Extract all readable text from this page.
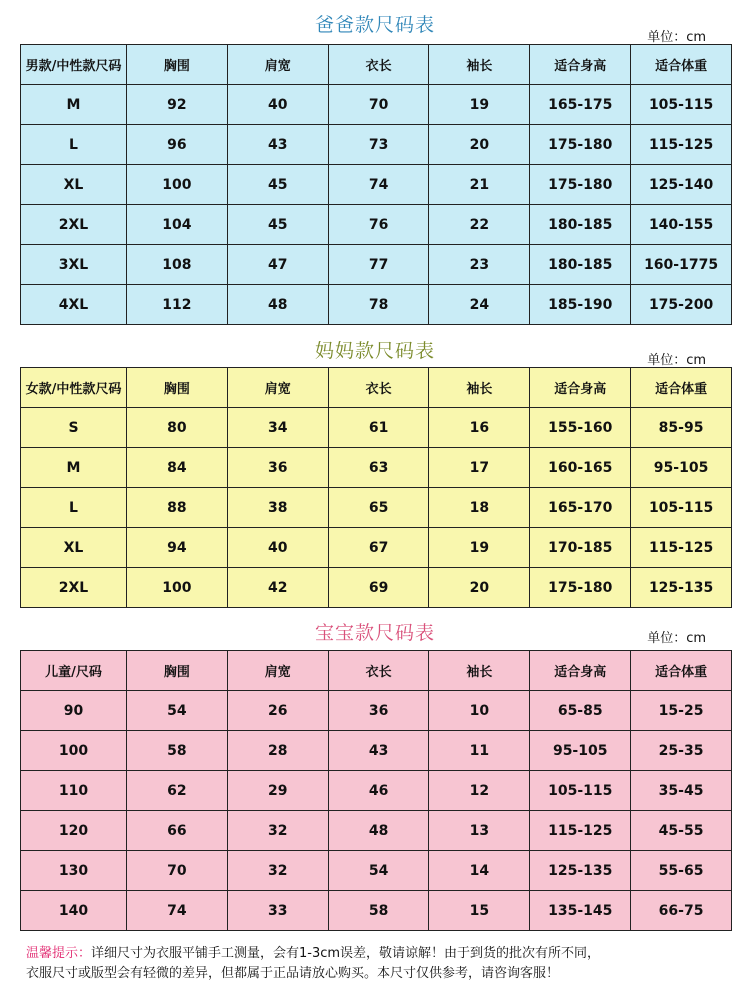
爸爸款尺码表
单位：cm
男款/中性款尺码	胸围	肩宽	衣长	袖长	适合身高	适合体重
M	92	40	70	19	165-175	105-115
L	96	43	73	20	175-180	115-125
XL	100	45	74	21	175-180	125-140
2XL	104	45	76	22	180-185	140-155
3XL	108	47	77	23	180-185	160-1775
4XL	112	48	78	24	185-190	175-200
妈妈款尺码表	单位：cm
女款/中性款尺码	胸围	肩宽	衣长	袖长	适合身高	适合体重
S	80	34	61	16	155-160	85-95
M	84	36	63	17	160-165	95-105
L	88	38	65	18	165-170	105-115
XL	94	40	67	19	170-185	115-125
2XL	100	42	69	20	175-180	125-135
宝宝款尺码表	单位：cm
儿童/尺码	胸围	肩宽	衣长	袖长	适合身高	适合体重
90	54	26	36	10	65-85	15-25
100	58	28	43	11	95-105	25-35
110	62	29	46	12	105-115	35-45
120	66	32	48	13	115-125	45-55
130	70	32	54	14	125-135	55-65
140	74	33	58	15	135-145	66-75
温馨提示：详细尺寸为衣服平铺手工测量，会有1-3cm误差，敬请谅解！由于到货的批次有所不同，
衣服尺寸或版型会有轻微的差异，但都属于正品请放心购买。本尺寸仅供参考，请咨询客服！
